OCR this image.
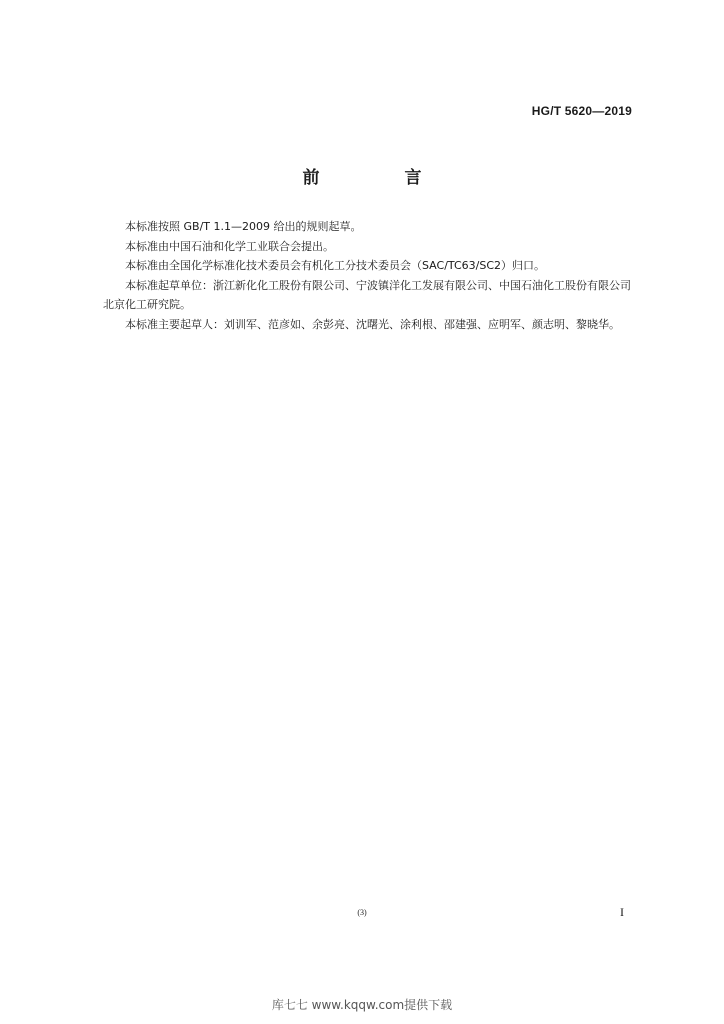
HG/T 5620—2019
前　言

本标准按照 GB/T 1.1—2009 给出的规则起草。

本标准由中国石油和化学工业联合会提出。

本标准由全国化学标准化技术委员会有机化工分技术委员会（SAC/TC63/SC2）归口。

本标准起草单位：浙江新化化工股份有限公司、宁波镇洋化工发展有限公司、中国石油化工股份有限公司北京化工研究院。

本标准主要起草人：刘训军、范彦如、余彭亮、沈曙光、涂利根、邵建强、应明军、颜志明、黎晓华。

(3)	I
库七七 www.kqqw.com提供下载
